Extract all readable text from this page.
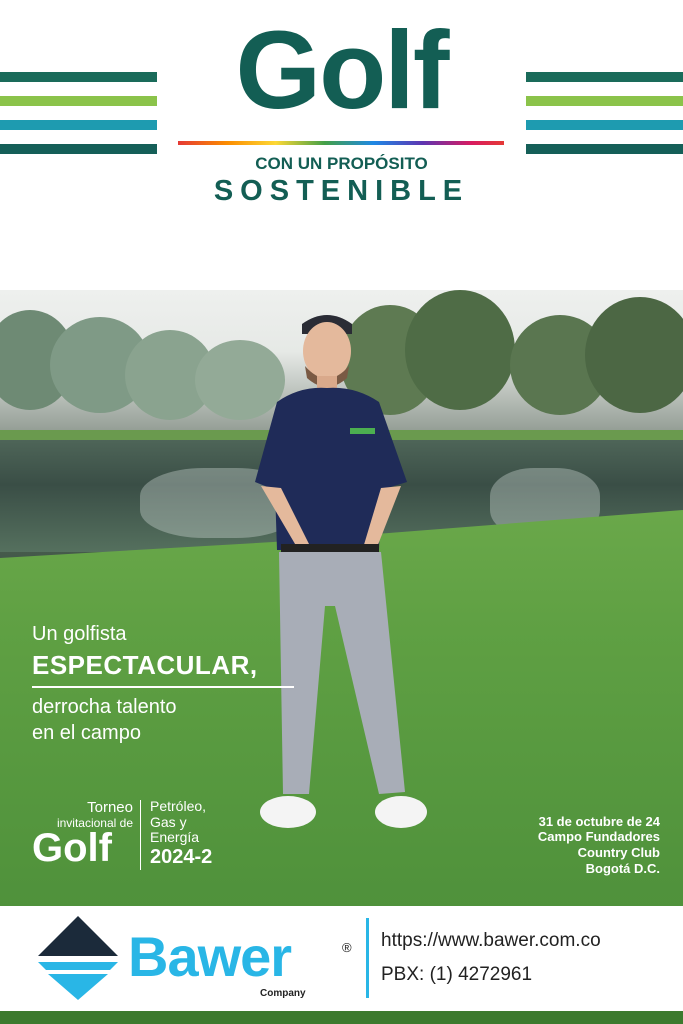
Golf
CON UN PROPÓSITO
SOSTENIBLE
Un golfista
ESPECTACULAR,
derrocha talento
en el campo
Torneo
invitacional de
Golf
Petróleo,
Gas y
Energía
2024-2
31 de octubre de 24
Campo Fundadores
Country Club
Bogotá D.C.
Bawer	®
Company
https://www.bawer.com.co
PBX: (1) 4272961
